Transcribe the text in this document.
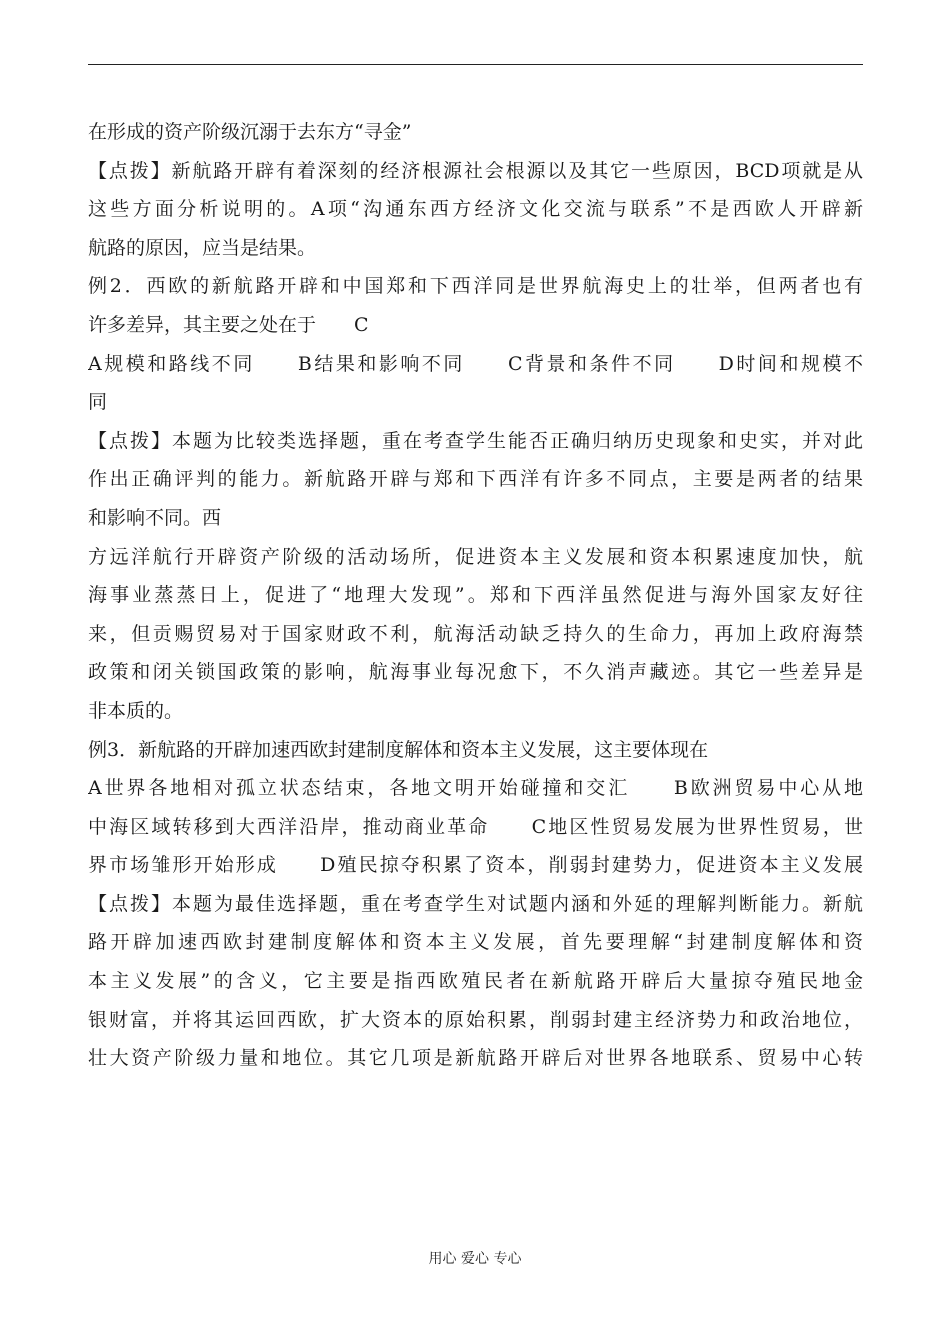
在形成的资产阶级沉溺于去东方“寻金”
【点拨】新航路开辟有着深刻的经济根源社会根源以及其它一些原因，BCD项就是从
这些方面分析说明的。A项“沟通东西方经济文化交流与联系”不是西欧人开辟新
航路的原因，应当是结果。
例2．西欧的新航路开辟和中国郑和下西洋同是世界航海史上的壮举，但两者也有
许多差异，其主要之处在于　　C
A规模和路线不同　　B结果和影响不同　　C背景和条件不同　　D时间和规模不
同
【点拨】本题为比较类选择题，重在考查学生能否正确归纳历史现象和史实，并对此
作出正确评判的能力。新航路开辟与郑和下西洋有许多不同点，主要是两者的结果
和影响不同。西
方远洋航行开辟资产阶级的活动场所，促进资本主义发展和资本积累速度加快，航
海事业蒸蒸日上，促进了“地理大发现”。郑和下西洋虽然促进与海外国家友好往
来，但贡赐贸易对于国家财政不利，航海活动缺乏持久的生命力，再加上政府海禁
政策和闭关锁国政策的影响，航海事业每况愈下，不久消声藏迹。其它一些差异是
非本质的。
例3．新航路的开辟加速西欧封建制度解体和资本主义发展，这主要体现在
A世界各地相对孤立状态结束，各地文明开始碰撞和交汇　　B欧洲贸易中心从地
中海区域转移到大西洋沿岸，推动商业革命　　C地区性贸易发展为世界性贸易，世
界市场雏形开始形成　　D殖民掠夺积累了资本，削弱封建势力，促进资本主义发展
【点拨】本题为最佳选择题，重在考查学生对试题内涵和外延的理解判断能力。新航
路开辟加速西欧封建制度解体和资本主义发展，首先要理解“封建制度解体和资
本主义发展”的含义，它主要是指西欧殖民者在新航路开辟后大量掠夺殖民地金
银财富，并将其运回西欧，扩大资本的原始积累，削弱封建主经济势力和政治地位，
壮大资产阶级力量和地位。其它几项是新航路开辟后对世界各地联系、贸易中心转
用心 爱心 专心
